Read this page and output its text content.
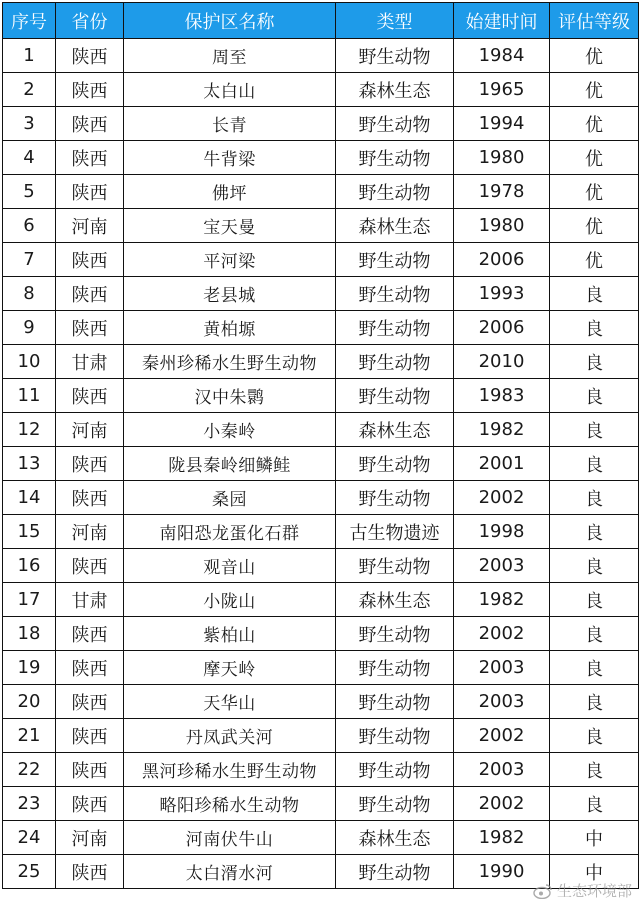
序号	省份	保护区名称	类型	始建时间	评估等级
1	陕西	周至	野生动物	1984	优
2	陕西	太白山	森林生态	1965	优
3	陕西	长青	野生动物	1994	优
4	陕西	牛背梁	野生动物	1980	优
5	陕西	佛坪	野生动物	1978	优
6	河南	宝天曼	森林生态	1980	优
7	陕西	平河梁	野生动物	2006	优
8	陕西	老县城	野生动物	1993	良
9	陕西	黄柏塬	野生动物	2006	良
10	甘肃	秦州珍稀水生野生动物	野生动物	2010	良
11	陕西	汉中朱鹮	野生动物	1983	良
12	河南	小秦岭	森林生态	1982	良
13	陕西	陇县秦岭细鳞鲑	野生动物	2001	良
14	陕西	桑园	野生动物	2002	良
15	河南	南阳恐龙蛋化石群	古生物遗迹	1998	良
16	陕西	观音山	野生动物	2003	良
17	甘肃	小陇山	森林生态	1982	良
18	陕西	紫柏山	野生动物	2002	良
19	陕西	摩天岭	野生动物	2003	良
20	陕西	天华山	野生动物	2003	良
21	陕西	丹凤武关河	野生动物	2002	良
22	陕西	黑河珍稀水生野生动物	野生动物	2003	良
23	陕西	略阳珍稀水生动物	野生动物	2002	良
24	河南	河南伏牛山	森林生态	1982	中
25	陕西	太白湑水河	野生动物	1990	中
生态环境部
